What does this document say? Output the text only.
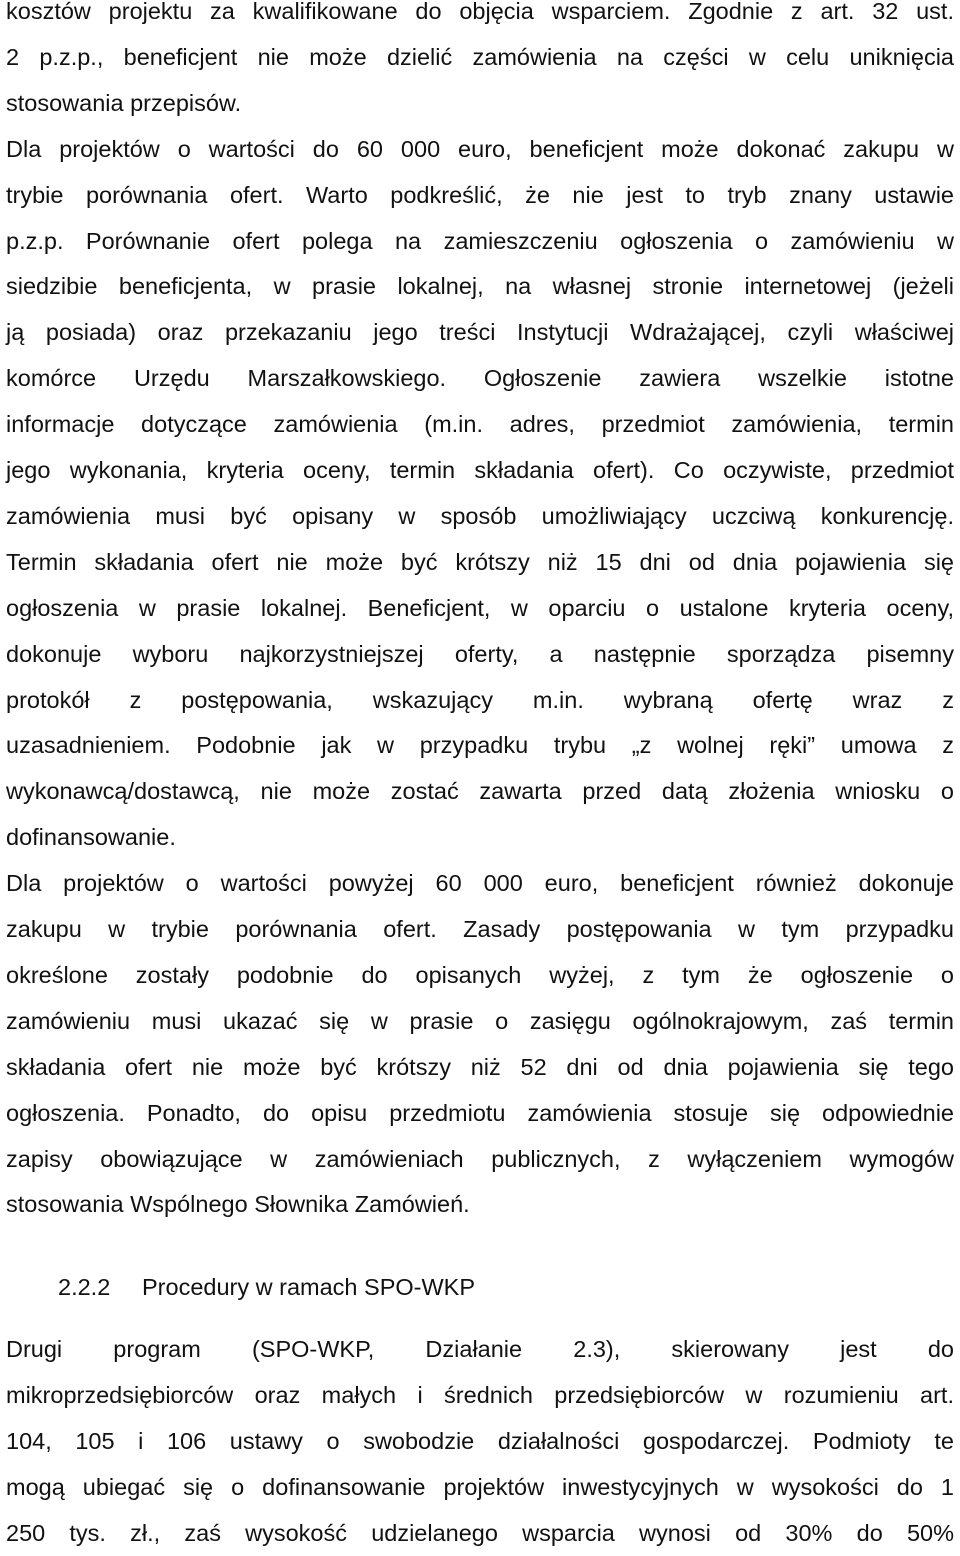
kosztów projektu za kwalifikowane do objęcia wsparciem. Zgodnie z art. 32 ust.
2 p.z.p., beneficjent nie może dzielić zamówienia na części w celu uniknięcia
stosowania przepisów.
Dla projektów o wartości do 60 000 euro, beneficjent może dokonać zakupu w
trybie porównania ofert. Warto podkreślić, że nie jest to tryb znany ustawie
p.z.p. Porównanie ofert polega na zamieszczeniu ogłoszenia o zamówieniu w
siedzibie beneficjenta, w prasie lokalnej, na własnej stronie internetowej (jeżeli
ją posiada) oraz przekazaniu jego treści Instytucji Wdrażającej, czyli właściwej
komórce Urzędu Marszałkowskiego. Ogłoszenie zawiera wszelkie istotne
informacje dotyczące zamówienia (m.in. adres, przedmiot zamówienia, termin
jego wykonania, kryteria oceny, termin składania ofert). Co oczywiste, przedmiot
zamówienia musi być opisany w sposób umożliwiający uczciwą konkurencję.
Termin składania ofert nie może być krótszy niż 15 dni od dnia pojawienia się
ogłoszenia w prasie lokalnej. Beneficjent, w oparciu o ustalone kryteria oceny,
dokonuje wyboru najkorzystniejszej oferty, a następnie sporządza pisemny
protokół z postępowania, wskazujący m.in. wybraną ofertę wraz z
uzasadnieniem. Podobnie jak w przypadku trybu „z wolnej ręki” umowa z
wykonawcą/dostawcą, nie może zostać zawarta przed datą złożenia wniosku o
dofinansowanie.
Dla projektów o wartości powyżej 60 000 euro, beneficjent również dokonuje
zakupu w trybie porównania ofert. Zasady postępowania w tym przypadku
określone zostały podobnie do opisanych wyżej, z tym że ogłoszenie o
zamówieniu musi ukazać się w prasie o zasięgu ogólnokrajowym, zaś termin
składania ofert nie może być krótszy niż 52 dni od dnia pojawienia się tego
ogłoszenia. Ponadto, do opisu przedmiotu zamówienia stosuje się odpowiednie
zapisy obowiązujące w zamówieniach publicznych, z wyłączeniem wymogów
stosowania Wspólnego Słownika Zamówień.
2.2.2 Procedury w ramach SPO-WKP
Drugi program (SPO-WKP, Działanie 2.3), skierowany jest do
mikroprzedsiębiorców oraz małych i średnich przedsiębiorców w rozumieniu art.
104, 105 i 106 ustawy o swobodzie działalności gospodarczej. Podmioty te
mogą ubiegać się o dofinansowanie projektów inwestycyjnych w wysokości do 1
250 tys. zł., zaś wysokość udzielanego wsparcia wynosi od 30% do 50%
